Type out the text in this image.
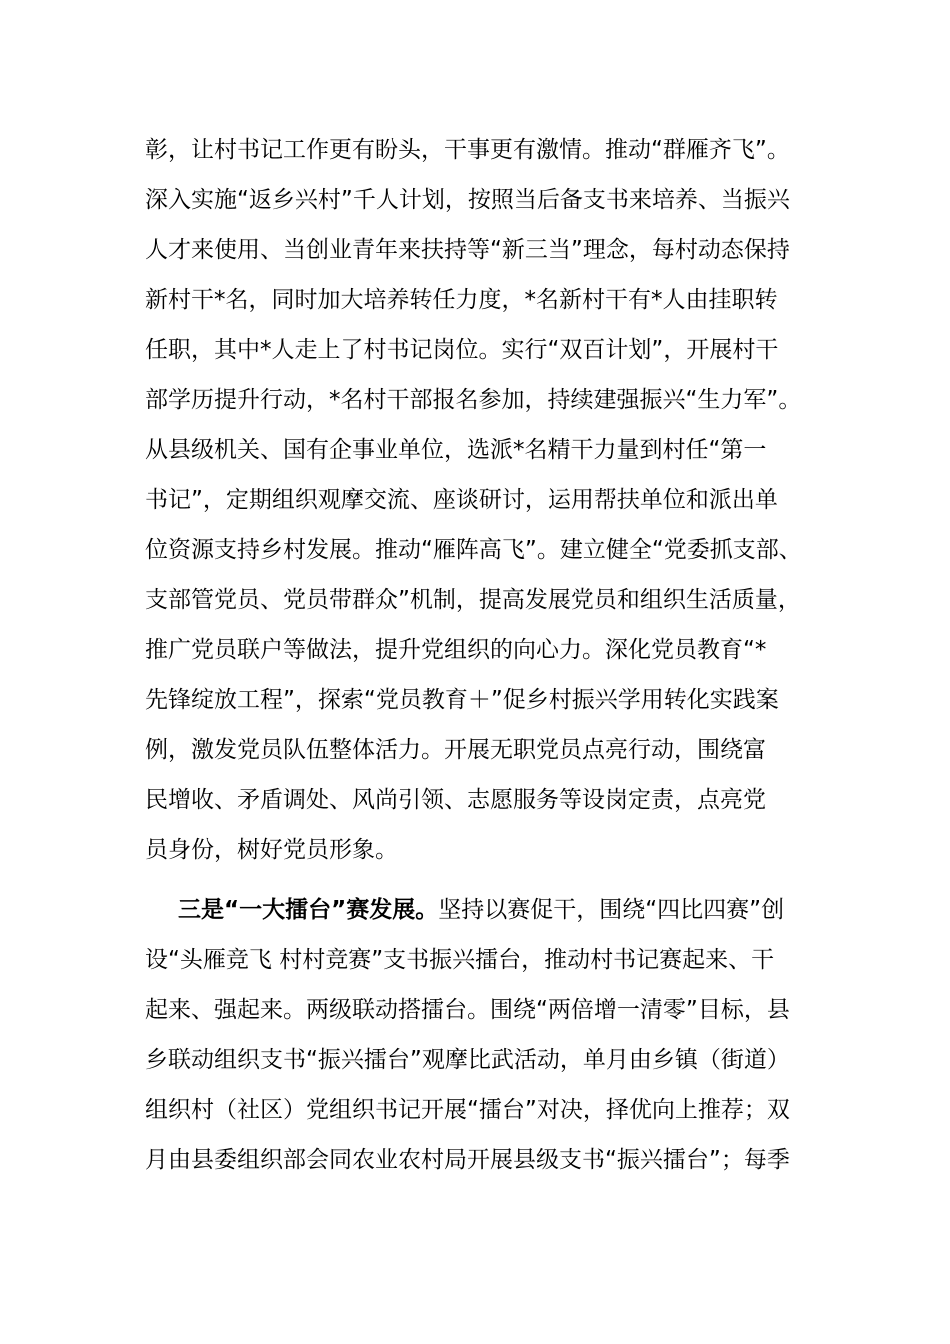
彰，让村书记工作更有盼头，干事更有激情。推动“群雁齐飞”。
深入实施“返乡兴村”千人计划，按照当后备支书来培养、当振兴
人才来使用、当创业青年来扶持等“新三当”理念，每村动态保持
新村干*名，同时加大培养转任力度，*名新村干有*人由挂职转
任职，其中*人走上了村书记岗位。实行“双百计划”，开展村干
部学历提升行动，*名村干部报名参加，持续建强振兴“生力军”。
从县级机关、国有企事业单位，选派*名精干力量到村任“第一
书记”，定期组织观摩交流、座谈研讨，运用帮扶单位和派出单
位资源支持乡村发展。推动“雁阵高飞”。建立健全“党委抓支部、
支部管党员、党员带群众”机制，提高发展党员和组织生活质量，
推广党员联户等做法，提升党组织的向心力。深化党员教育“*
先锋绽放工程”，探索“党员教育＋”促乡村振兴学用转化实践案
例，激发党员队伍整体活力。开展无职党员点亮行动，围绕富
民增收、矛盾调处、风尚引领、志愿服务等设岗定责，点亮党
员身份，树好党员形象。
三是“一大擂台”赛发展。坚持以赛促干，围绕“四比四赛”创
设“头雁竞飞 村村竞赛”支书振兴擂台，推动村书记赛起来、干
起来、强起来。两级联动搭擂台。围绕“两倍增一清零”目标，县
乡联动组织支书“振兴擂台”观摩比武活动，单月由乡镇（街道）
组织村（社区）党组织书记开展“擂台”对决，择优向上推荐；双
月由县委组织部会同农业农村局开展县级支书“振兴擂台”；每季
